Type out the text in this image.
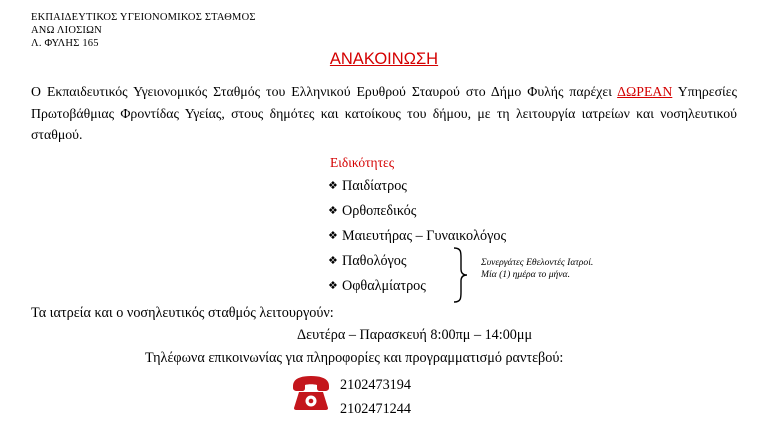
ΕΚΠΑΙΔΕΥΤΙΚΟΣ ΥΓΕΙΟΝΟΜΙΚΟΣ ΣΤΑΘΜΟΣ
ΑΝΩ ΛΙΟΣΙΩΝ
Λ. ΦΥΛΗΣ 165
ΑΝΑΚΟΙΝΩΣΗ
Ο Εκπαιδευτικός Υγειονομικός Σταθμός του Ελληνικού Ερυθρού Σταυρού στο Δήμο Φυλής παρέχει ΔΩΡΕΑΝ Υπηρεσίες Πρωτοβάθμιας Φροντίδας Υγείας, στους δημότες και κατοίκους του δήμου, με τη λειτουργία ιατρείων και νοσηλευτικού σταθμού.
Ειδικότητες
❖ Παιδίατρος
❖ Ορθοπεδικός
❖ Μαιευτήρας – Γυναικολόγος
❖ Παθολόγος
❖ Οφθαλμίατρος
Συνεργάτες Εθελοντές Ιατροί.
Μία (1) ημέρα το μήνα.
Τα ιατρεία και ο νοσηλευτικός σταθμός λειτουργούν:
Δευτέρα – Παρασκευή 8:00πμ – 14:00μμ
Τηλέφωνα επικοινωνίας για πληροφορίες και προγραμματισμό ραντεβού:
2102473194
2102471244
